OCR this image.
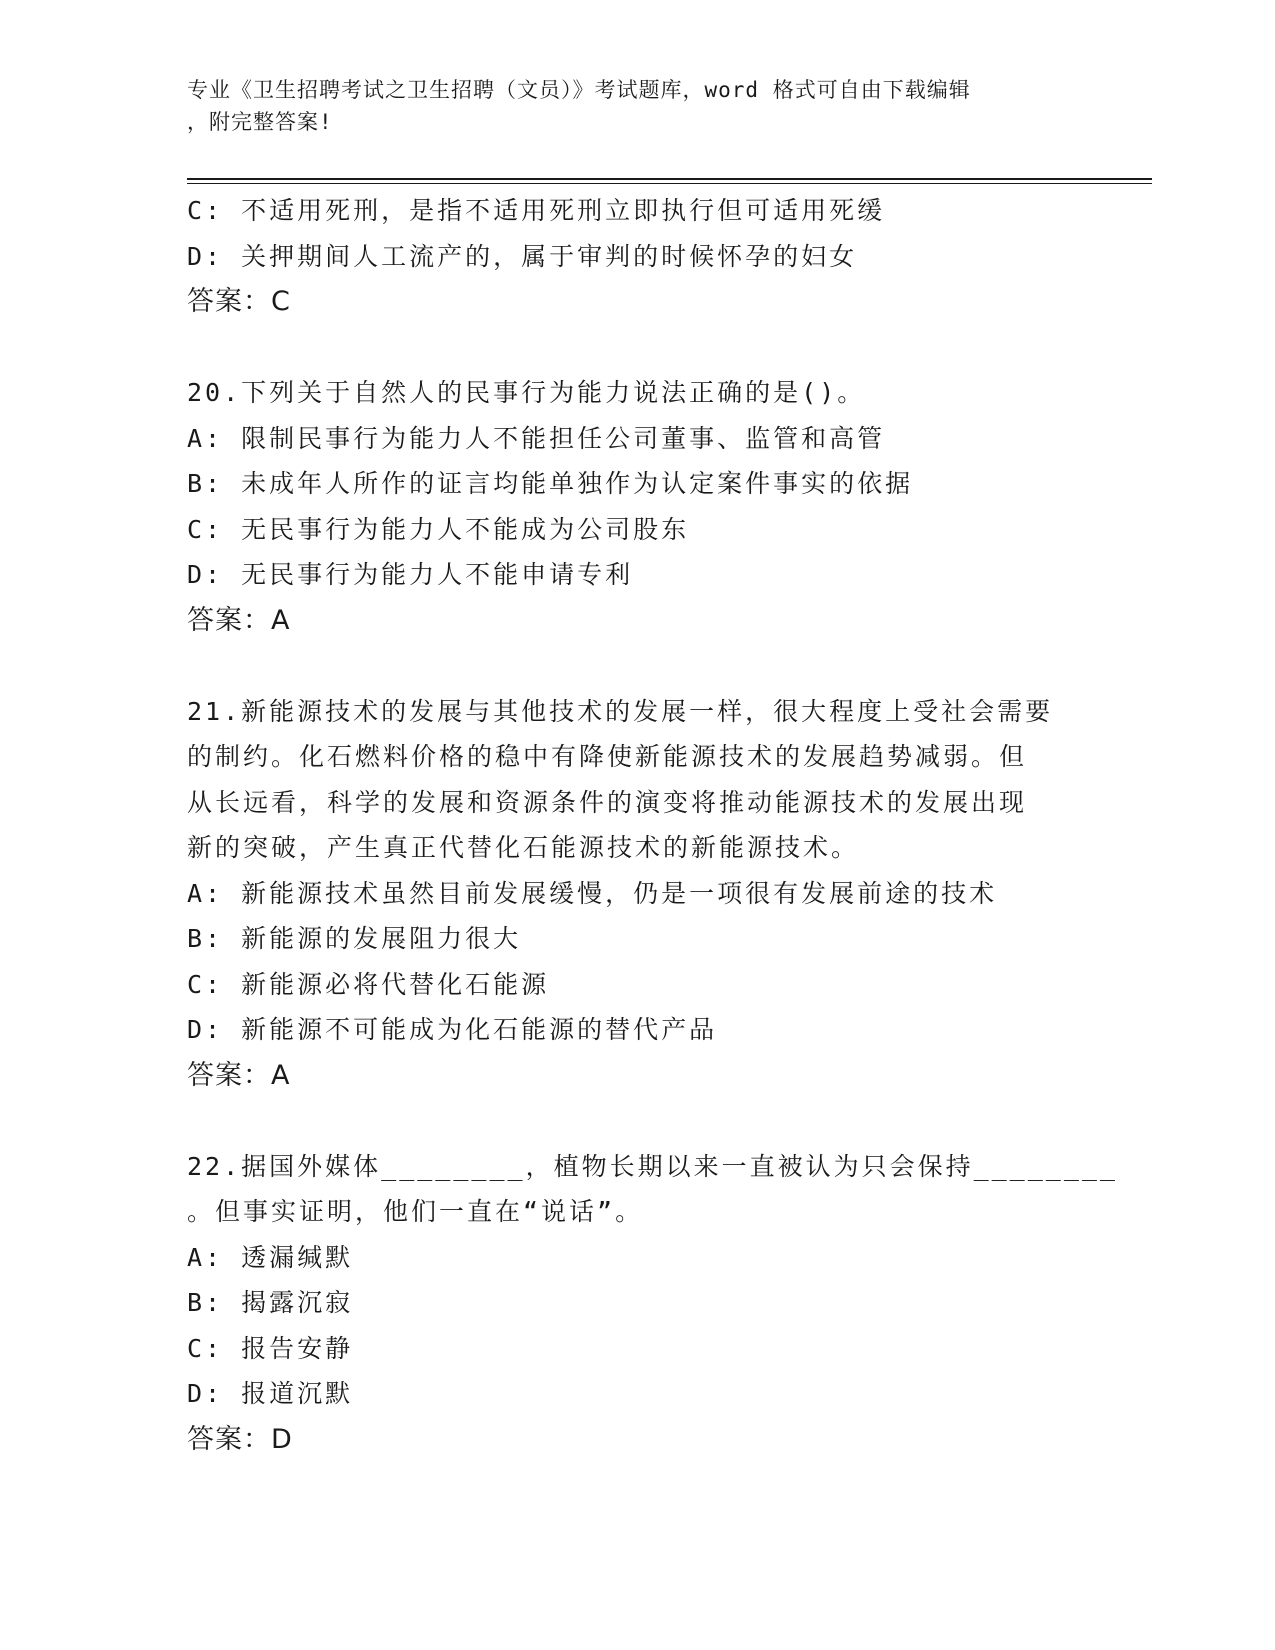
专业《卫生招聘考试之卫生招聘（文员）》考试题库，word 格式可自由下载编辑
，附完整答案!
C: 不适用死刑，是指不适用死刑立即执行但可适用死缓
D: 关押期间人工流产的，属于审判的时候怀孕的妇女
答案：C
20.下列关于自然人的民事行为能力说法正确的是()。
A: 限制民事行为能力人不能担任公司董事、监管和高管
B: 未成年人所作的证言均能单独作为认定案件事实的依据
C: 无民事行为能力人不能成为公司股东
D: 无民事行为能力人不能申请专利
答案：A
21.新能源技术的发展与其他技术的发展一样，很大程度上受社会需要
的制约。化石燃料价格的稳中有降使新能源技术的发展趋势减弱。但
从长远看，科学的发展和资源条件的演变将推动能源技术的发展出现
新的突破，产生真正代替化石能源技术的新能源技术。
A: 新能源技术虽然目前发展缓慢，仍是一项很有发展前途的技术
B: 新能源的发展阻力很大
C: 新能源必将代替化石能源
D: 新能源不可能成为化石能源的替代产品
答案：A
22.据国外媒体________，植物长期以来一直被认为只会保持________
。但事实证明，他们一直在“说话”。
A: 透漏缄默
B: 揭露沉寂
C: 报告安静
D: 报道沉默
答案：D
